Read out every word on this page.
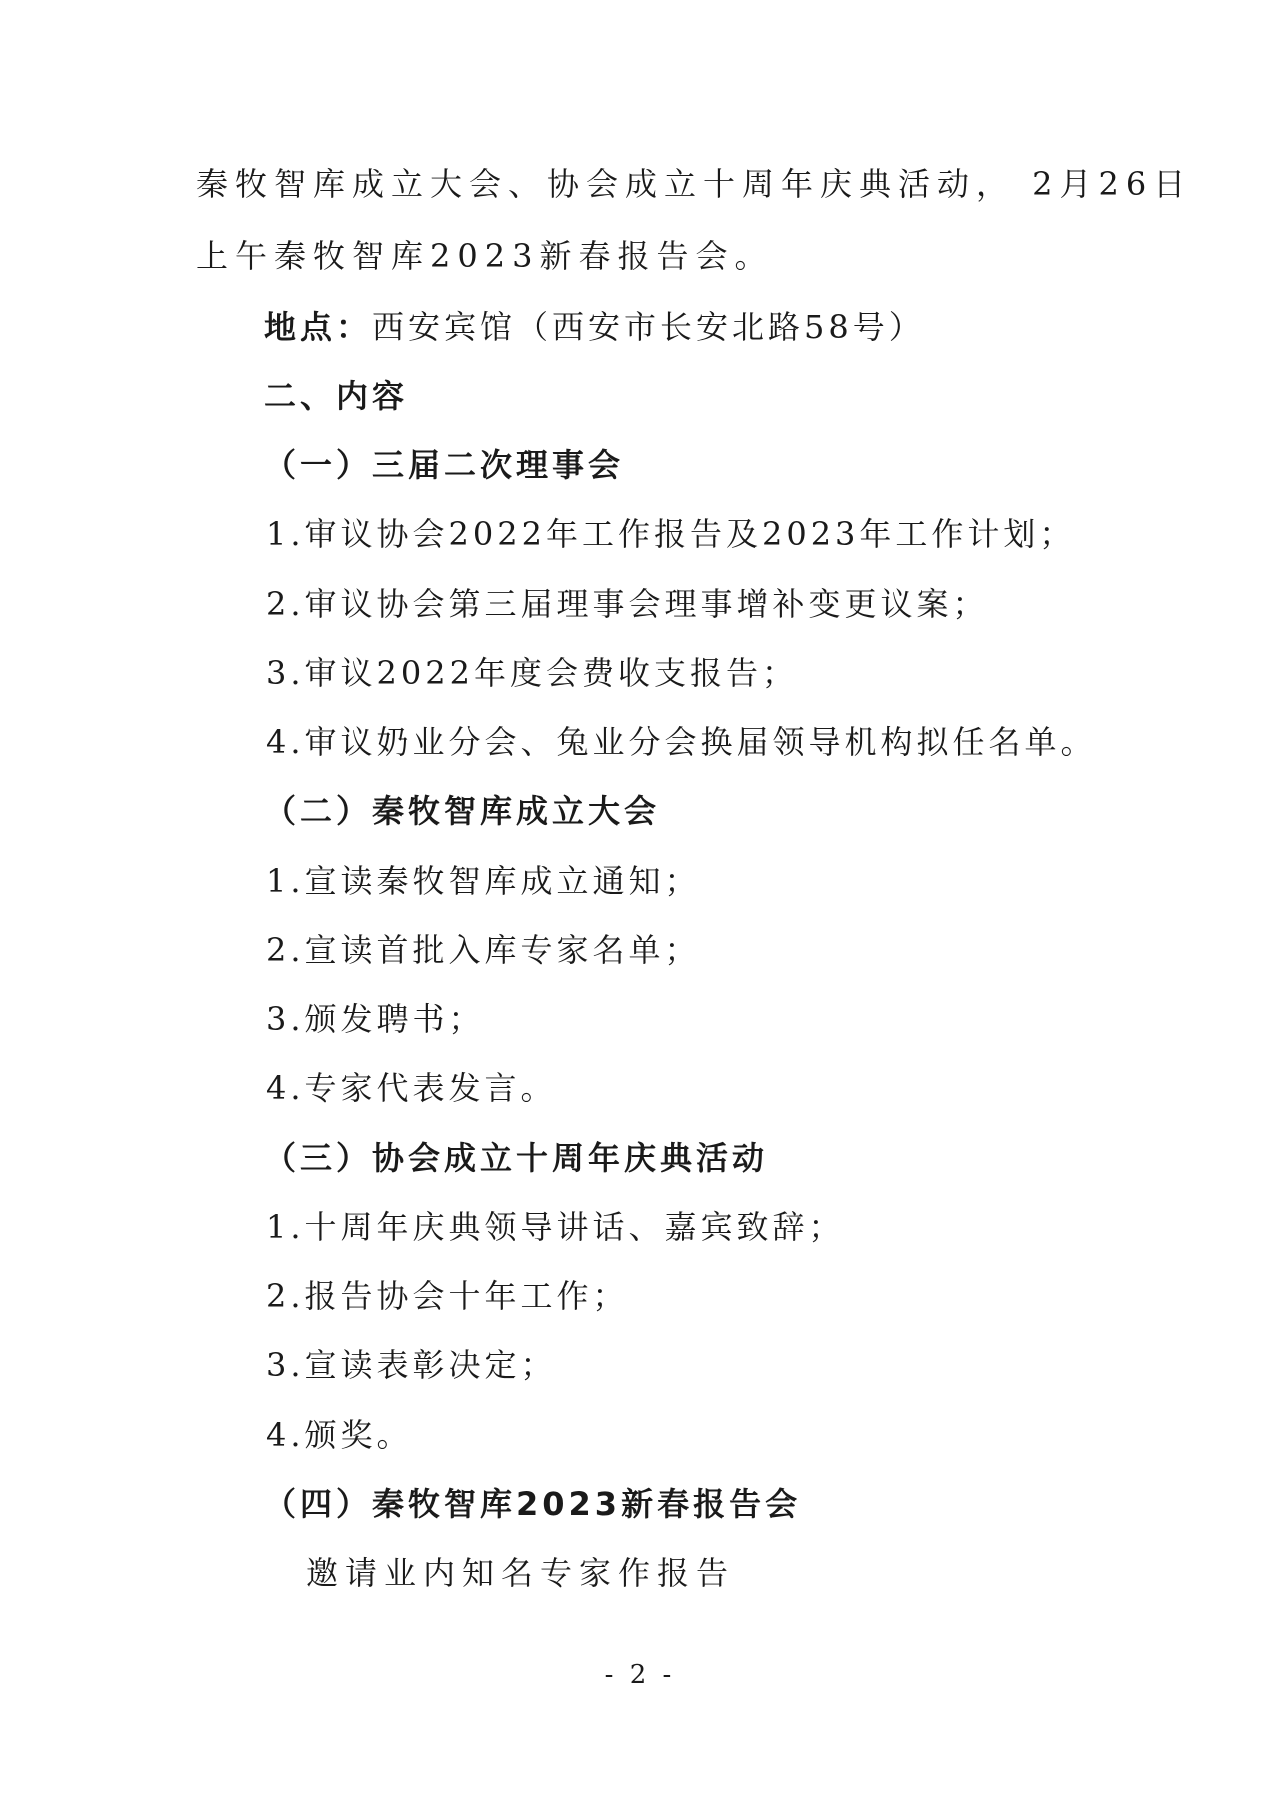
秦牧智库成立大会、协会成立十周年庆典活动， 2月26日
上午秦牧智库2023新春报告会。
地点：西安宾馆（西安市长安北路58号）
二、内容
（一）三届二次理事会
1.审议协会2022年工作报告及2023年工作计划；
2.审议协会第三届理事会理事增补变更议案；
3.审议2022年度会费收支报告；
4.审议奶业分会、兔业分会换届领导机构拟任名单。
（二）秦牧智库成立大会
1.宣读秦牧智库成立通知；
2.宣读首批入库专家名单；
3.颁发聘书；
4.专家代表发言。
（三）协会成立十周年庆典活动
1.十周年庆典领导讲话、嘉宾致辞；
2.报告协会十年工作；
3.宣读表彰决定；
4.颁奖。
（四）秦牧智库2023新春报告会
邀请业内知名专家作报告
- 2 -
